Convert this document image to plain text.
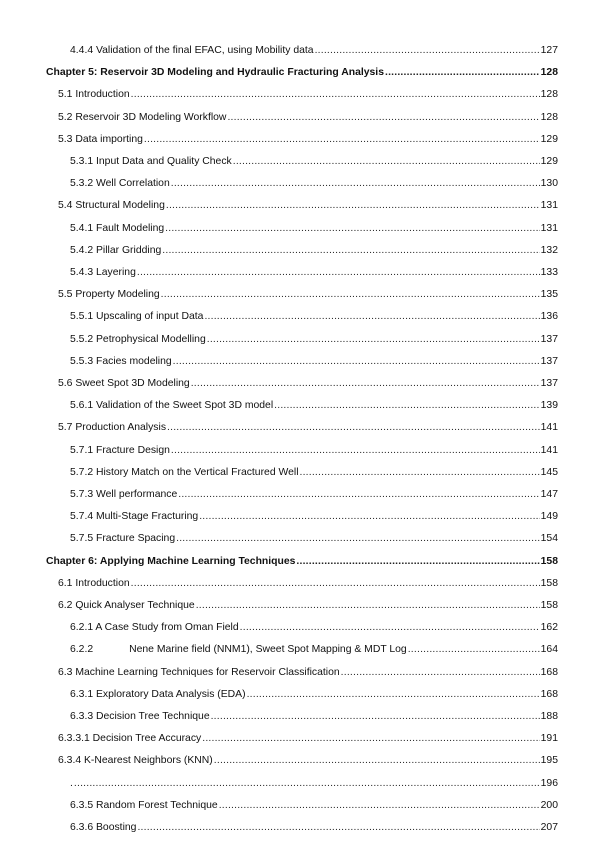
4.4.4 Validation of the final EFAC, using Mobility data .....	127
Chapter 5: Reservoir 3D Modeling and Hydraulic Fracturing Analysis .....	128
5.1 Introduction .....	128
5.2 Reservoir 3D Modeling Workflow .....	128
5.3 Data importing .....	129
5.3.1 Input Data and Quality Check .....	129
5.3.2 Well Correlation .....	130
5.4 Structural Modeling .....	131
5.4.1 Fault Modeling .....	131
5.4.2 Pillar Gridding .....	132
5.4.3 Layering .....	133
5.5 Property Modeling .....	135
5.5.1 Upscaling of input Data .....	136
5.5.2 Petrophysical Modelling .....	137
5.5.3 Facies modeling .....	137
5.6 Sweet Spot 3D Modeling .....	137
5.6.1 Validation of the Sweet Spot 3D model .....	139
5.7 Production Analysis .....	141
5.7.1 Fracture Design .....	141
5.7.2 History Match on the Vertical Fractured Well .....	145
5.7.3 Well performance .....	147
5.7.4 Multi-Stage Fracturing .....	149
5.7.5 Fracture Spacing .....	154
Chapter 6: Applying Machine Learning Techniques .....	158
6.1 Introduction .....	158
6.2 Quick Analyser Technique .....	158
6.2.1 A Case Study from Oman Field .....	162
6.2.2	Nene Marine field (NNM1), Sweet Spot Mapping & MDT Log .....	164
6.3 Machine Learning Techniques for Reservoir Classification .....	168
6.3.1 Exploratory Data Analysis (EDA) .....	168
6.3.3 Decision Tree Technique .....	188
6.3.3.1 Decision Tree Accuracy .....	191
6.3.4 K-Nearest Neighbors (KNN) .....	195
. .....	196
6.3.5 Random Forest Technique .....	200
6.3.6 Boosting .....	207
